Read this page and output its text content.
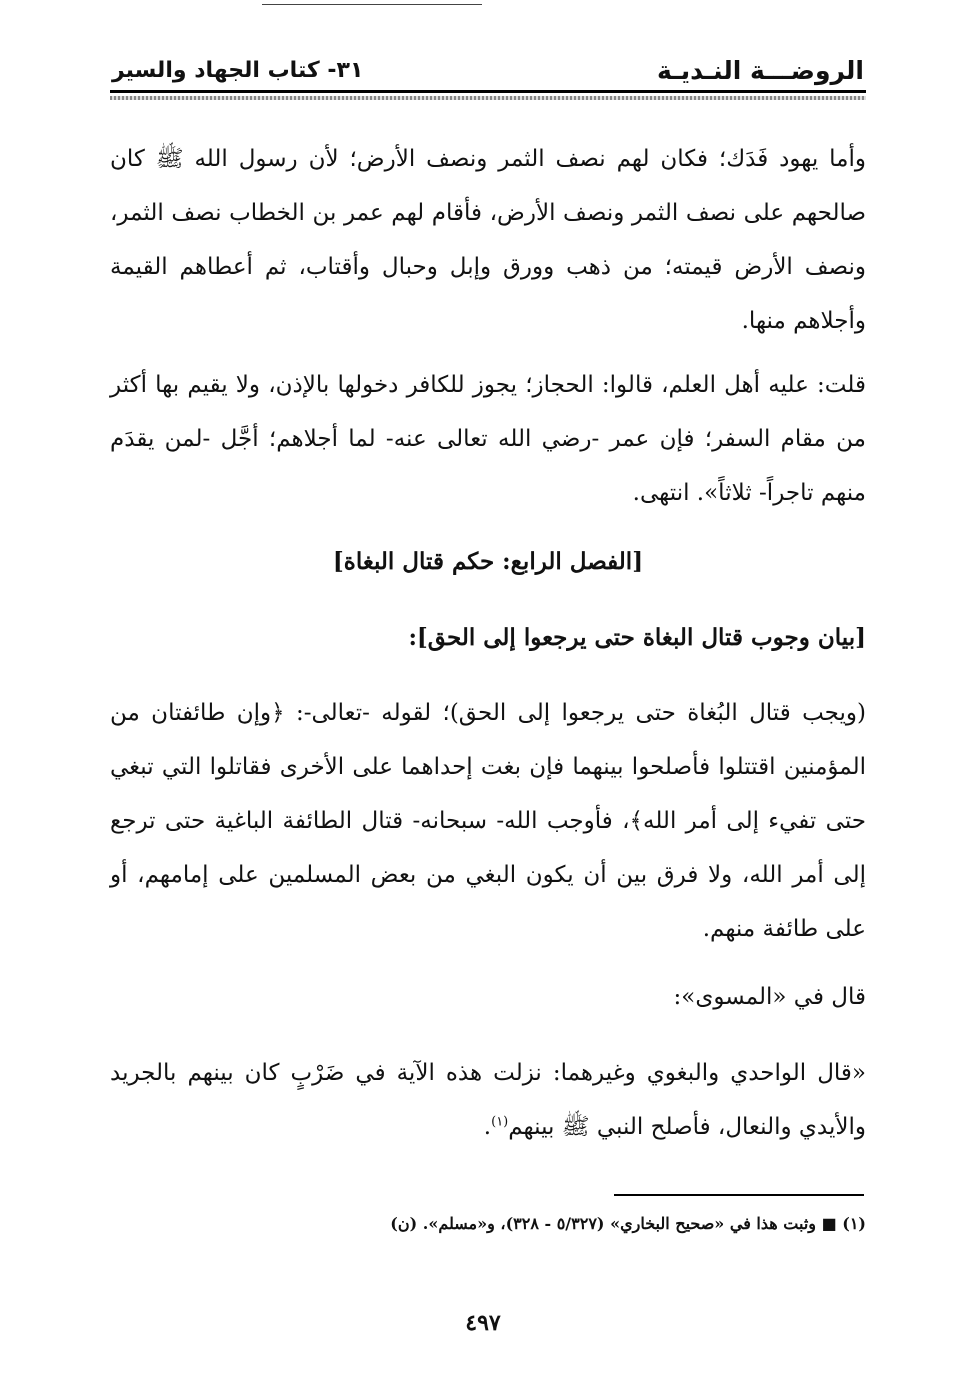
الروضـــة النـديـة
٣١- كتاب الجهاد والسير

وأما يهود فَدَك؛ فكان لهم نصف الثمر ونصف الأرض؛ لأن رسول الله ﷺ كان صالحهم على نصف الثمر ونصف الأرض، فأقام لهم عمر بن الخطاب نصف الثمر، ونصف الأرض قيمته؛ من ذهب وورق وإبل وحبال وأقتاب، ثم أعطاهم القيمة وأجلاهم منها.

قلت: عليه أهل العلم، قالوا: الحجاز؛ يجوز للكافر دخولها بالإذن، ولا يقيم بها أكثر من مقام السفر؛ فإن عمر -رضي الله تعالى عنه- لما أجلاهم؛ أجَّل -لمن يقدَم منهم تاجراً- ثلاثاً». انتهى.

[الفصل الرابع: حكم قتال البغاة]
[بيان وجوب قتال البغاة حتى يرجعوا إلى الحق]:

(ويجب قتال البُغاة حتى يرجعوا إلى الحق)؛ لقوله -تعالى-: ﴿وإن طائفتان من المؤمنين اقتتلوا فأصلحوا بينهما فإن بغت إحداهما على الأخرى فقاتلوا التي تبغي حتى تفيء إلى أمر الله﴾، فأوجب الله- سبحانه- قتال الطائفة الباغية حتى ترجع إلى أمر الله، ولا فرق بين أن يكون البغي من بعض المسلمين على إمامهم، أو على طائفة منهم.

قال في «المسوى»:

«قال الواحدي والبغوي وغيرهما: نزلت هذه الآية في ضَرْبٍ كان بينهم بالجريد والأيدي والنعال، فأصلح النبي ﷺ بينهم$^{(١)}$.

(١) ■ وثبت هذا في «صحيح البخاري» (٥/٣٢٧ - ٣٢٨)، و«مسلم». (ن)
٤٩٧
